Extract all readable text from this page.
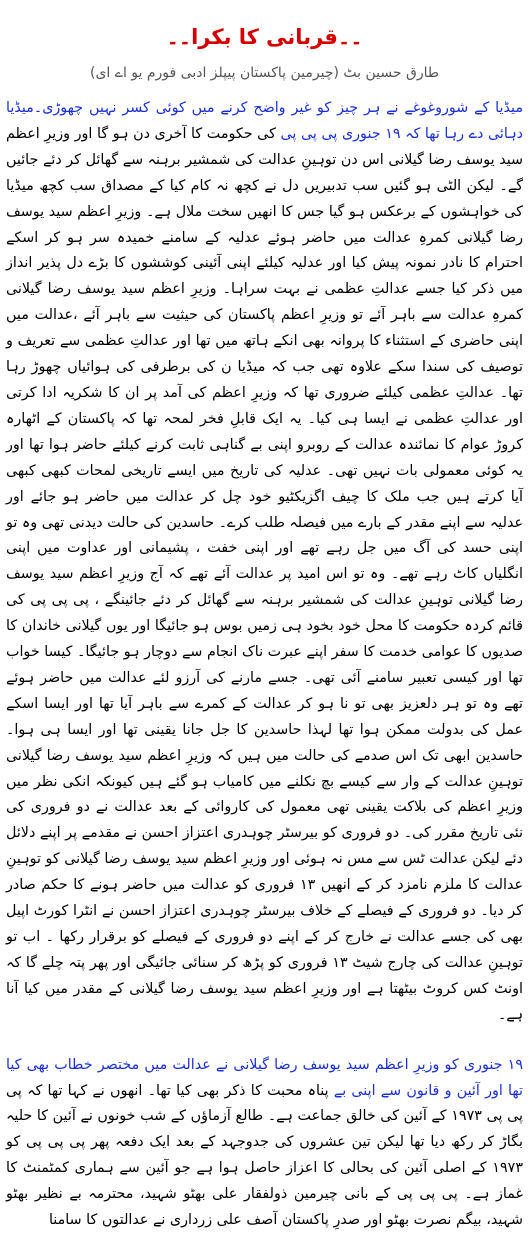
۔۔قربانی کا بکرا۔۔
طارق حسین بٹ (چیرمین پاکستان پیپلز ادبی فورم یو اے ای)

میڈیا کے شوروغوغے نے ہر چیز کو غیر واضح کرنے میں کوئی کسر نہیں چھوڑی۔میڈیا دہائی دے رہا تھا کہ ۱۹ جنوری پی پی پی کی حکومت کا آخری دن ہو گا اور وزیرِ اعظم سید یوسف رضا گیلانی اس دن توہینِ عدالت کی شمشیر برہنہ سے گھائل کر دئے جائیں گے۔ لیکن الٹی ہو گئیں سب تدبیریں دل نے کچھ نہ کام کیا کے مصداق سب کچھ میڈیا کی خواہشوں کے برعکس ہو گیا جس کا انھیں سخت ملال ہے۔ وزیرِ اعظم سید یوسف رضا گیلانی کمرہِ عدالت میں حاضر ہوئے عدلیہ کے سامنے خمیدہ سر ہو کر اسکے احترام کا نادر نمونہ پیش کیا اور عدلیہ کیلئے اپنی آئینی کوششوں کا بڑے دل پذیر انداز میں ذکر کیا جسے عدالتِ عظمی نے بہت سراہا۔ وزیرِ اعظم سید یوسف رضا گیلانی کمرہِ عدالت سے باہر آئے تو وزیرِ اعظم پاکستان کی حیثیت سے باہر آئے ،عدالت میں اپنی حاضری کے استثناء کا پروانہ بھی انکے ہاتھ میں تھا اور عدالتِ عظمی سے تعریف و توصیف کی سندا سکے علاوہ تھی جب کہ میڈیا ن کی برطرفی کی ہوائیاں چھوڑ رہا تھا۔ عدالتِ عظمی کیلئے ضروری تھا کہ وزیرِ اعظم کی آمد پر ان کا شکریہ ادا کرتی اور عدالتِ عظمی نے ایسا ہی کیا۔ یہ ایک قابلِ فخر لمحہ تھا کہ پاکستان کے اٹھارہ کروڑ عوام کا نمائندہ عدالت کے روبرو اپنی بے گناہی ثابت کرنے کیلئے حاضر ہوا تھا اور یہ کوئی معمولی بات نہیں تھی۔ عدلیہ کی تاریخ میں ایسے تاریخی لمحات کبھی کبھی آیا کرتے ہیں جب ملک کا چیف اگزیکٹیو خود چل کر عدالت میں حاضر ہو جائے اور عدلیہ سے اپنے مقدر کے بارے میں فیصلہ طلب کرے۔ حاسدین کی حالت دیدنی تھی وہ تو اپنی حسد کی آگ میں جل رہے تھے اور اپنی خفت ، پشیمانی اور عداوت میں اپنی انگلیاں کاٹ رہے تھے۔ وہ تو اس امید پر عدالت آئے تھے کہ آج وزیرِ اعظم سید یوسف رضا گیلانی توہینِ عدالت کی شمشیر برہنہ سے گھائل کر دئے جائینگے ، پی پی پی کی قائم کردہ حکومت کا محل خود بخود ہی زمیں بوس ہو جائیگا اور یوں گیلانی خاندان کا صدیوں کا عوامی خدمت کا سفر اپنے عبرت ناک انجام سے دوچار ہو جائیگا۔ کیسا خواب تھا اور کیسی تعبیر سامنے آئی تھی۔ جسے مارنے کی آرزو لئے عدالت میں حاضر ہوئے تھے وہ تو ہر دلعزیز بھی تو نا ہو کر عدالت کے کمرے سے باہر آیا تھا اور ایسا اسکے عمل کی بدولت ممکن ہوا تھا لہذا حاسدین کا جل جانا یقینی تھا اور ایسا ہی ہوا۔ حاسدین ابھی تک اس صدمے کی حالت میں ہیں کہ وزیرِ اعظم سید یوسف رضا گیلانی توہینِ عدالت کے وار سے کیسے بچ نکلنے میں کامیاب ہو گئے ہیں کیونکہ انکی نظر میں وزیرِ اعظم کی بلاکت یقینی تھی معمول کی کاروائی کے بعد عدالت نے دو فروری کی نئی تاریخ مقرر کی۔ دو فروری کو بیرسٹر چوہدری اعتزاز احسن نے مقدمے پر اپنے دلائل دئے لیکن عدالت ٹس سے مس نہ ہوئی اور وزیرِ اعظم سید یوسف رضا گیلانی کو توہینِ عدالت کا ملزم نامزد کر کے انھیں ۱۳ فروری کو عدالت میں حاضر ہونے کا حکم صادر کر دیا۔ دو فروری کے فیصلے کے خلاف بیرسٹر چوہدری اعتزاز احسن نے انٹرا کورٹ اپیل بھی کی جسے عدالت نے خارج کر کے اپنے دو فروری کے فیصلے کو برقرار رکھا ۔ اب تو توہینِ عدالت کی چارج شیٹ ۱۳ فروری کو پڑھ کر سنائی جائیگی اور پھر پتہ چلے گا کہ اونٹ کس کروٹ بیٹھتا ہے اور وزیرِ اعظم سید یوسف رضا گیلانی کے مقدر میں کیا آنا ہے۔

۱۹ جنوری کو وزیرِ اعظم سید یوسف رضا گیلانی نے عدالت میں مختصر خطاب بھی کیا تھا اور آئین و قانون سے اپنی بے پناہ محبت کا ذکر بھی کیا تھا۔ انھوں نے کہا تھا کہ پی پی پی ۱۹۷۳ کے آئین کی خالق جماعت ہے۔ طالع آزماؤں کے شب خونوں نے آئین کا حلیہ بگاڑ کر رکھ دیا تھا لیکن تین عشروں کی جدوجہد کے بعد ایک دفعہ پھر پی پی پی کو ۱۹۷۳ کے اصلی آئین کی بحالی کا اعزاز حاصل ہوا ہے جو آئین سے ہماری کمٹمنٹ کا غماز ہے۔ پی پی پی کے بانی چیرمین ذولفقار علی بھٹو شہید، محترمہ بے نظیر بھٹو شہید، بیگم نصرت بھٹو اور صدرِ پاکستان آصف علی زرداری نے عدالتوں کا سامنا
